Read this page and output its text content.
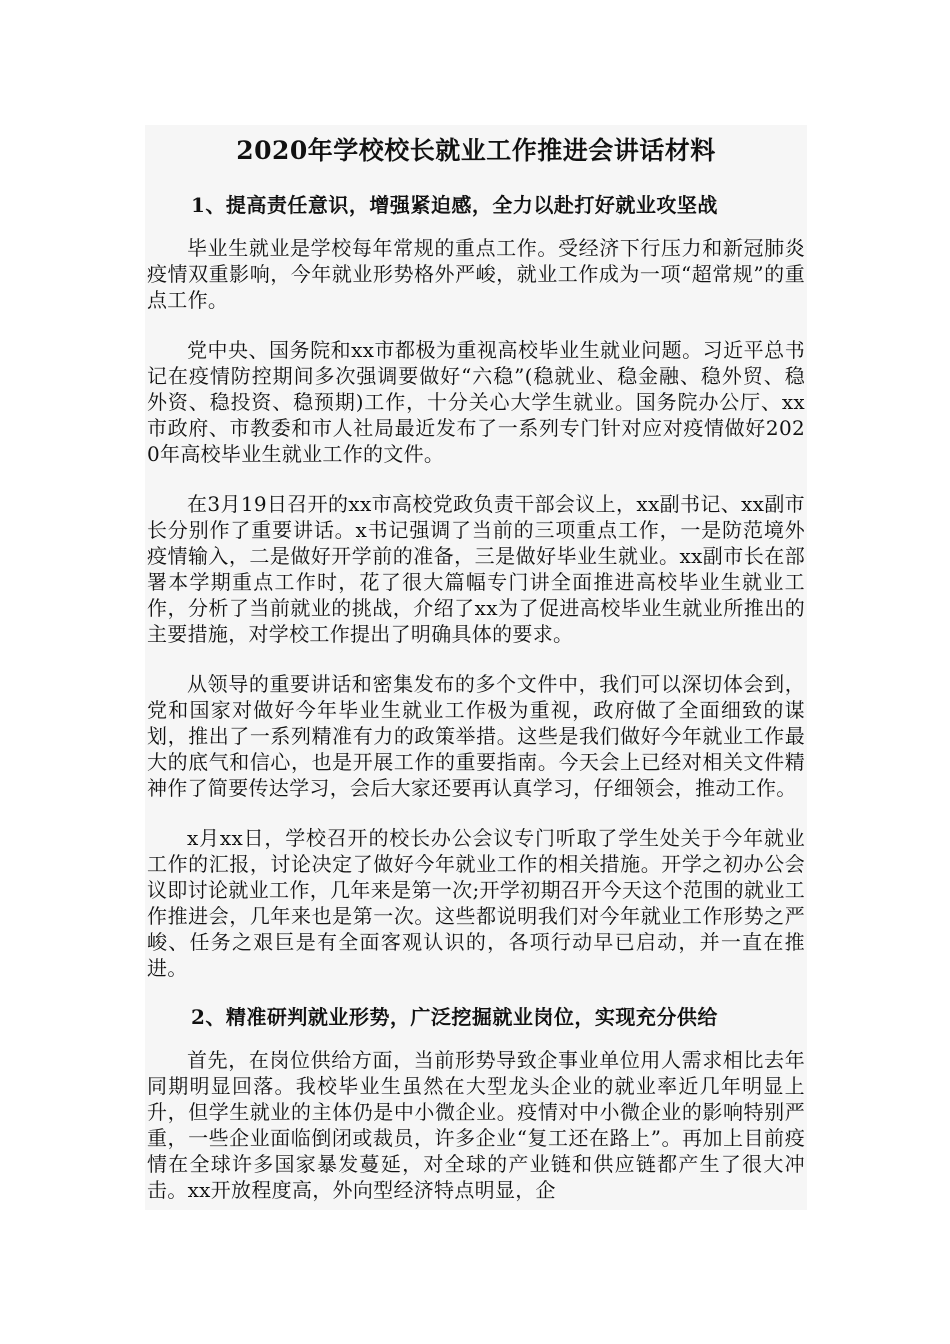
2020年学校校长就业工作推进会讲话材料
1、提高责任意识，增强紧迫感，全力以赴打好就业攻坚战

毕业生就业是学校每年常规的重点工作。受经济下行压力和新冠肺炎疫情双重影响，今年就业形势格外严峻，就业工作成为一项“超常规”的重点工作。

党中央、国务院和xx市都极为重视高校毕业生就业问题。习近平总书记在疫情防控期间多次强调要做好“六稳”(稳就业、稳金融、稳外贸、稳外资、稳投资、稳预期)工作，十分关心大学生就业。国务院办公厅、xx市政府、市教委和市人社局最近发布了一系列专门针对应对疫情做好2020年高校毕业生就业工作的文件。

在3月19日召开的xx市高校党政负责干部会议上，xx副书记、xx副市长分别作了重要讲话。x书记强调了当前的三项重点工作，一是防范境外疫情输入，二是做好开学前的准备，三是做好毕业生就业。xx副市长在部署本学期重点工作时，花了很大篇幅专门讲全面推进高校毕业生就业工作，分析了当前就业的挑战，介绍了xx为了促进高校毕业生就业所推出的主要措施，对学校工作提出了明确具体的要求。

从领导的重要讲话和密集发布的多个文件中，我们可以深切体会到，党和国家对做好今年毕业生就业工作极为重视，政府做了全面细致的谋划，推出了一系列精准有力的政策举措。这些是我们做好今年就业工作最大的底气和信心，也是开展工作的重要指南。今天会上已经对相关文件精神作了简要传达学习，会后大家还要再认真学习，仔细领会，推动工作。

x月xx日，学校召开的校长办公会议专门听取了学生处关于今年就业工作的汇报，讨论决定了做好今年就业工作的相关措施。开学之初办公会议即讨论就业工作，几年来是第一次;开学初期召开今天这个范围的就业工作推进会，几年来也是第一次。这些都说明我们对今年就业工作形势之严峻、任务之艰巨是有全面客观认识的，各项行动早已启动，并一直在推进。

2、精准研判就业形势，广泛挖掘就业岗位，实现充分供给

首先，在岗位供给方面，当前形势导致企事业单位用人需求相比去年同期明显回落。我校毕业生虽然在大型龙头企业的就业率近几年明显上升，但学生就业的主体仍是中小微企业。疫情对中小微企业的影响特别严重，一些企业面临倒闭或裁员，许多企业“复工还在路上”。再加上目前疫情在全球许多国家暴发蔓延，对全球的产业链和供应链都产生了很大冲击。xx开放程度高，外向型经济特点明显，企
